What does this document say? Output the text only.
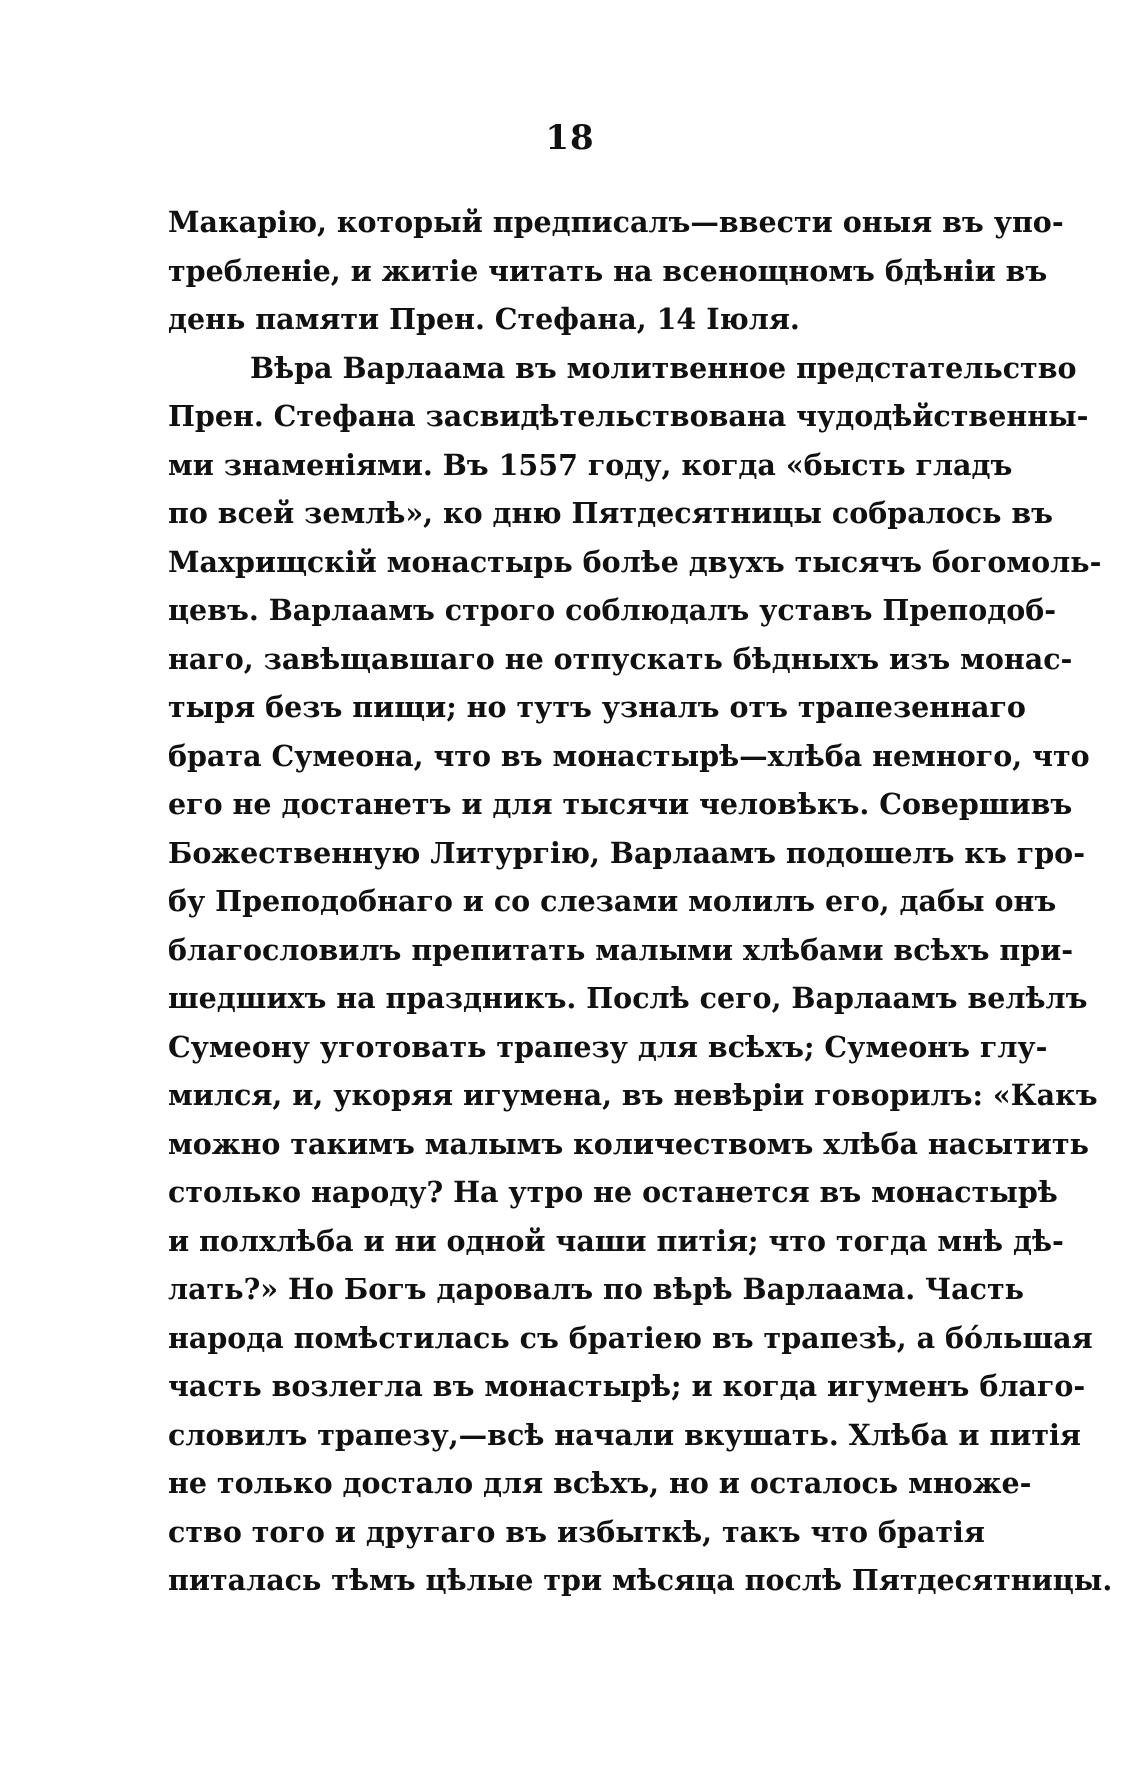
18
Макарію, который предписалъ—ввести оныя въ упо-
требленіе, и житіе читать на всенощномъ бдѣніи въ
день памяти Прен. Стефана, 14 Іюля.
Вѣра Варлаама въ молитвенное предстательство
Прен. Стефана засвидѣтельствована чудодѣйственны-
ми знаменіями. Въ 1557 году, когда «бысть гладъ
по всей землѣ», ко дню Пятдесятницы собралось въ
Махрищскій монастырь болѣе двухъ тысячъ богомоль-
цевъ. Варлаамъ строго соблюдалъ уставъ Преподоб-
наго, завѣщавшаго не отпускать бѣдныхъ изъ монас-
тыря безъ пищи; но тутъ узналъ отъ трапезеннаго
брата Сумеона, что въ монастырѣ—хлѣба немного, что
его не достанетъ и для тысячи человѣкъ. Совершивъ
Божественную Литургію, Варлаамъ подошелъ къ гро-
бу Преподобнаго и со слезами молилъ его, дабы онъ
благословилъ препитать малыми хлѣбами всѣхъ при-
шедшихъ на праздникъ. Послѣ сего, Варлаамъ велѣлъ
Сумеону уготовать трапезу для всѣхъ; Сумеонъ глу-
мился, и, укоряя игумена, въ невѣріи говорилъ: «Какъ
можно такимъ малымъ количествомъ хлѣба насытить
столько народу? На утро не останется въ монастырѣ
и полхлѣба и ни одной чаши питія; что тогда мнѣ дѣ-
лать?» Но Богъ даровалъ по вѣрѣ Варлаама. Часть
народа помѣстилась съ братіею въ трапезѣ, а бóльшая
часть возлегла въ монастырѣ; и когда игуменъ благо-
словилъ трапезу,—всѣ начали вкушать. Хлѣба и питія
не только достало для всѣхъ, но и осталось множе-
ство того и другаго въ избыткѣ, такъ что братія
питалась тѣмъ цѣлые три мѣсяца послѣ Пятдесятницы.
